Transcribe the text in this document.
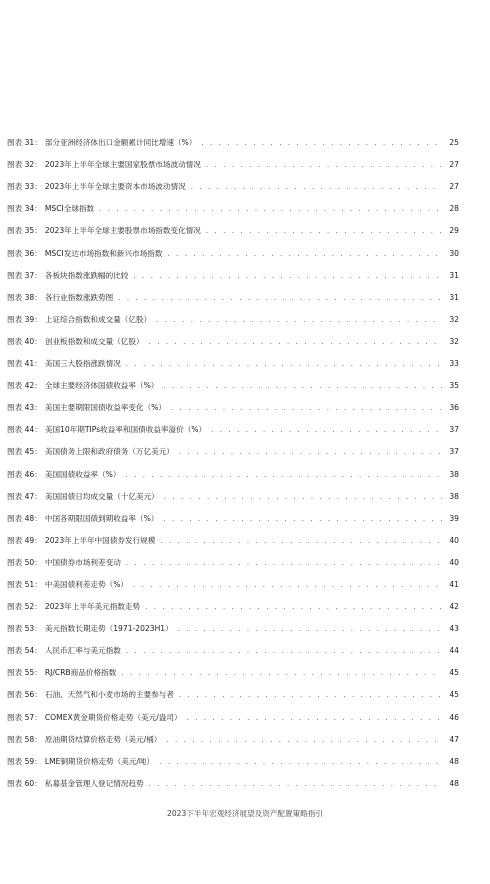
图表 31： 部分亚洲经济体出口金额累计同比增速（%） . . .	25
图表 32： 2023年上半年全球主要国家股票市场波动情况 . . .	27
图表 33： 2023年上半年全球主要资本市场波动情况 . . .	27
图表 34： MSCI全球指数 . . .	28
图表 35： 2023年上半年全球主要股票市场指数变化情况 . . .	29
图表 36： MSCI发达市场指数和新兴市场指数 . . .	30
图表 37： 各板块指数涨跌幅的比较 . . .	31
图表 38： 各行业指数涨跌势图 . . .	31
图表 39： 上证综合指数和成交量（亿股） . . .	32
图表 40： 创业板指数和成交量（亿股） . . .	32
图表 41： 美国三大股指涨跌情况 . . .	33
图表 42： 全球主要经济体国债收益率（%） . . .	35
图表 43： 美国主要期限国债收益率变化（%） . . .	36
图表 44： 美国10年期TIPs收益率和国债收益率溢价（%） . . .	37
图表 45： 美国债务上限和政府债务（万亿美元） . . .	37
图表 46： 美国国债收益率（%） . . .	38
图表 47： 美国国债日均成交量（十亿美元） . . .	38
图表 48： 中国各期限国债到期收益率（%） . . .	39
图表 49： 2023年上半年中国债券发行规模 . . .	40
图表 50： 中国债券市场利差变动 . . .	40
图表 51： 中美国债利差走势（%） . . .	41
图表 52： 2023年上半年美元指数走势 . . .	42
图表 53： 美元指数长期走势（1971-2023H1） . . .	43
图表 54： 人民币汇率与美元指数 . . .	44
图表 55： RJ/CRB商品价格指数 . . .	45
图表 56： 石油、天然气和小麦市场的主要参与者 . . .	45
图表 57： COMEX黄金期货价格走势（美元/盎司） . . .	46
图表 58： 原油期货结算价格走势（美元/桶） . . .	47
图表 59： LME铜期货价格走势（美元/吨） . . .	48
图表 60： 私募基金管理人登记情况趋势 . . .	48
2023下半年宏观经济展望及资产配置策略指引
